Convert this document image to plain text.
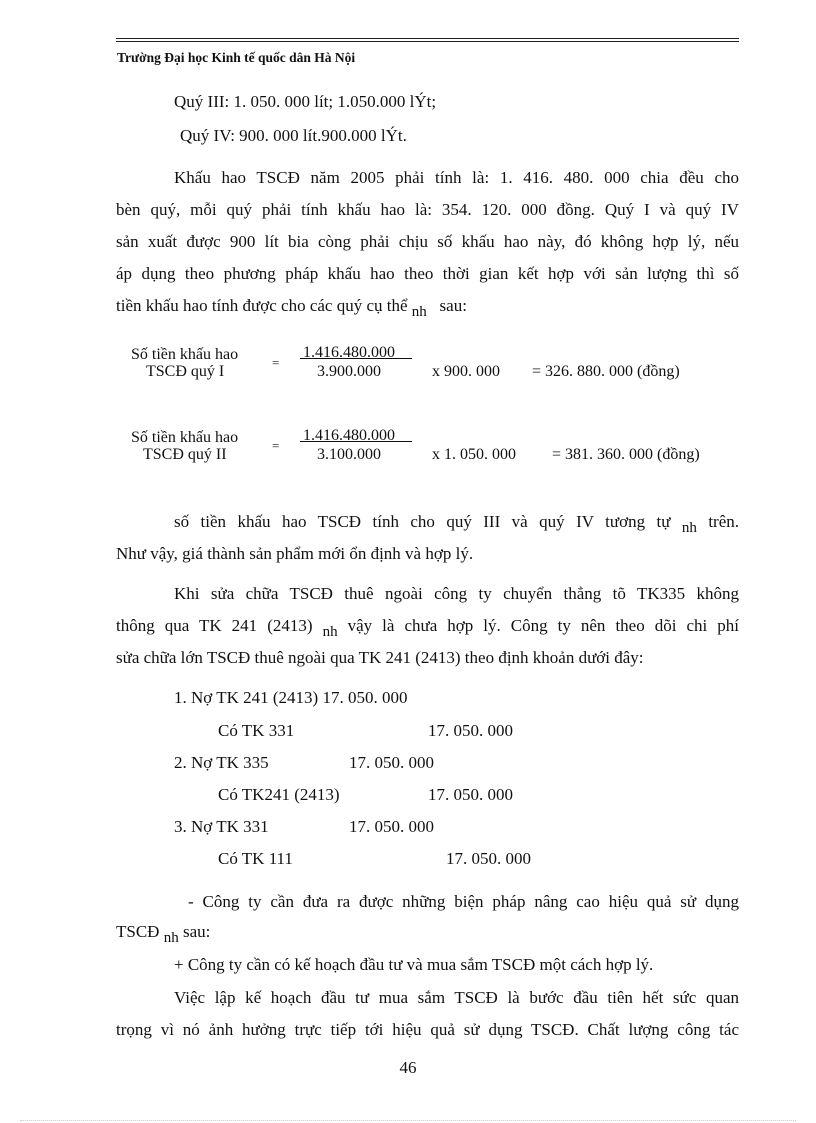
Trường Đại học Kinh tế quốc dân Hà Nội
Quý III: 1. 050. 000 lít; 1.050.000 lÝt;
Quý IV: 900. 000 lít.900.000 lÝt.
Khấu hao TSCĐ năm 2005 phải tính là: 1. 416. 480. 000 chia đều cho
bèn quý, mỗi quý phải tính khấu hao là: 354. 120. 000 đồng. Quý I và quý IV
sản xuất được 900 lít bia còng phải chịu số khấu hao này, đó không hợp lý, nếu
áp dụng theo phương pháp khấu hao theo thời gian kết hợp với sản lượng thì số
tiền khấu hao tính được cho các quý cụ thể nh sau:
Số tiền khấu hao
TSCĐ quý I
=
1.416.480.000
3.900.000	x 900. 000 = 326. 880. 000 (đồng)
Số tiền khấu hao
TSCĐ quý II
=
1.416.480.000
3.100.000	x 1. 050. 000 = 381. 360. 000 (đồng)
số tiền khấu hao TSCĐ tính cho quý III và quý IV tương tự nh trên.
Như vậy, giá thành sản phẩm mới ổn định và hợp lý.
Khi sửa chữa TSCĐ thuê ngoài công ty chuyển thẳng tõ TK335 không
thông qua TK 241 (2413) nh vậy là chưa hợp lý. Công ty nên theo dõi chi phí
sửa chữa lớn TSCĐ thuê ngoài qua TK 241 (2413) theo định khoản dưới đây:
1. Nợ TK 241 (2413) 17. 050. 000
Có TK 331	17. 050. 000
2. Nợ TK 335	17. 050. 000
Có TK241 (2413)	17. 050. 000
3. Nợ TK 331	17. 050. 000
Có TK 111	17. 050. 000
- Công ty cần đưa ra được những biện pháp nâng cao hiệu quả sử dụng
TSCĐ nh sau:
+ Công ty cần có kế hoạch đầu tư và mua sắm TSCĐ một cách hợp lý.
Việc lập kế hoạch đầu tư mua sắm TSCĐ là bước đầu tiên hết sức quan
trọng vì nó ảnh hưởng trực tiếp tới hiệu quả sử dụng TSCĐ. Chất lượng công tác
46
